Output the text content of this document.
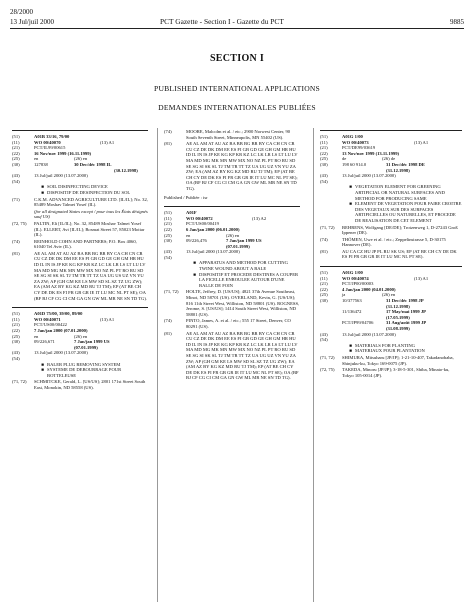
28/2000
13 Jul/juil 2000	PCT Gazette - Section I - Gazette du PCT	9885
SECTION I
PUBLISHED INTERNATIONAL APPLICATIONS
DEMANDES INTERNATIONALES PUBLIÉES
(51)	A01B 33/16, 79/00
(11)	WO 00/40070	(13) A1
(21)	PCT/IL99/00615
(22)	16 Nov/nov 1999 (16.11.1999)
(25)	en	(26) en
(30)	127838	30 Dec/déc 1998 IL
(30.12.1998)
(43)	13 Jul/juil 2000 (13.07.2000)
(54)
■ SOIL DISINFECTING DEVICE
■ DISPOSITIF DE DESINFECTION DU SOL
(71)	C.K.M. ADVANCED AGRICULTURE LTD. [IL/IL]; No. 32, 85489 Moshav Talmei Yosef (IL).
(for all designated States except / pour tous les États désignés sauf US)
(72, 75)	PALTIN, Eli [IL/IL]; No. 32, 85489 Moshav Talmei Yosef (IL). ELLERT, Avi [IL/IL]; Bosmat Street 57, 85023 Moitar (IL).
(74)	REINHOLD COHN AND PARTNERS; P.O. Box 4060, 61040 Tel Aviv (IL).
(81)	AE AL AM AT AU AZ BA BB BG BR BY CA CH CN CR CU CZ DE DK DM EE ES FI GB GD GE GH GM HR HU ID IL IN IS JP KE KG KP KR KZ LC LK LR LS LT LU LV MA MD MG MK MN MW MX NO NZ PL PT RO RU SD SE SG SI SK SL TJ TM TR TT TZ UA UG US UZ VN YU ZA ZW; AP (GH GM KE LS MW SD SL SZ TZ UG ZW); EA (AM AZ BY KG KZ MD RU TJ TM); EP (AT BE CH CY DE DK ES FI FR GB GR IE IT LU MC NL PT SE); OA (BF BJ CF CG CI CM GA GN GW ML MR NE SN TD TG).
(51)	A01D 75/00, 39/00, 89/00
(11)	WO 00/40071	(13) A1
(21)	PCT/US00/00422
(22)	7 Jan/jan 2000 (07.01.2000)
(25)	en	(26) en
(30)	09/226,671	7 Jan/jan 1999 US
(07.01.1999)
(43)	13 Jul/juil 2000 (13.07.2000)
(54)
■ BALER PLUG REMOVING SYSTEM
■ SYSTEME DE DEBOURRAGE POUR BOTTELEUSE
(71, 72)	SCHMITCKE, Gerald, L. [US/US]; 2801 171st Street South East, Monokin, ND 58558 (US).
(74)	MOORE, Malcolm et al. / etc.; 2900 Norwest Center, 90 South Seventh Street, Minneapolis, MN 55402 (US).
(81)	AE AL AM AT AU AZ BA BB BG BR BY CA CH CN CR CU CZ DE DK DM EE ES FI GB GD GE GH GM HR HU ID IL IN IS JP KE KG KP KR KZ LC LK LR LS LT LU LV MA MD MG MK MN MW MX NO NZ PL PT RO RU SD SE SG SI SK SL TJ TM TR TT TZ UA UG UZ VN YU ZA ZW; EA (AM AZ BY KG KZ MD RU TJ TM); EP (AT BE CH CY DE DK ES FI FR GB GR IE IT LU MC NL PT SE); OA (BF BJ CF CG CI CM GA GN GW ML MR NE SN TD TG).
Published / Publiée : isr
(51)	A01F
(11)	WO 00/40072	(13) A2
(21)	PCT/US00/00419
(22)	6 Jan/jan 2000 (06.01.2000)
(25)	en	(26) en
(30)	09/226,476	7 Jan/jan 1999 US
(07.01.1999)
(43)	13 Jul/juil 2000 (13.07.2000)
(54)
■ APPARATUS AND METHOD FOR CUTTING TWINE WOUND ABOUT A BALE
■ DISPOSITIF ET PROCEDE DESTINES A COUPER LA FICELLE ENROULEE AUTOUR D'UNE BALLE DE FOIN
(71, 72)	HOLTE, Jeffrey, D. [US/US]; 4821 37th Avenue Southeast, Minot, ND 58701 (US). OVERLAND, Kevin, G. [US/US]; 816 11th Street West, Williston, ND 58801 (US). ROGNESS, Jerome, S. [US/US]; 1414 South Street West, Williston, ND 58801 (US).
(74)	PINTO, James, A. et al. / etc.; 555 17 Street, Denver, CO 80291 (US).
(81)	AE AL AM AT AU AZ BA BB BG BR BY CA CH CN CR CU CZ DE DK DM EE ES FI GB GD GE GH GM HR HU ID IL IN IS JP KE KG KP KR KZ LC LK LR LS LT LU LV MA MD MG MK MN MW MX NO NZ PL PT RO RU SD SE SG SI SK SL TJ TM TR TT TZ UA UG UZ VN YU ZA ZW; AP (GH GM KE LS MW SD SL SZ TZ UG ZW); EA (AM AZ BY KG KZ MD RU TJ TM); EP (AT BE CH CY DE DK ES FI FR GB GR IE IT LU MC NL PT SE); OA (BF BJ CF CG CI CM GA GN GW ML MR NE SN TD TG).
(51)	A01G 1/00
(11)	WO 00/40073	(13) A1
(21)	PCT/DE99/03619
(22)	13 Nov/nov 1999 (13.11.1999)
(25)	de	(26) de
(30)	198 60 914.0	31 Dec/déc 1998 DE
(31.12.1998)
(43)	13 Jul/juil 2000 (13.07.2000)
(54)
■ VEGETATION ELEMENT FOR GREENING ARTIFICIAL OR NATURAL SURFACES AND METHOD FOR PRODUCING SAME
■ ELEMENT DE VEGETATION POUR FAIRE CROITRE DES VEGETAUX SUR DES SURFACES ARTIFICIELLES OU NATURELLES, ET PROCEDE DE REALISATION DE CET ELEMENT
(71, 72)	BEHRENS, Wolfgang [DE/DE]; Trotzenweg 1, D-27243 Groß Ippener (DE).
(74)	THÖMEN, Uwe et al. / etc.; Zeppelinstrasse 5, D-30175 Hannover (DE).
(81)	AU CA CZ HU JP PL RU SK US; EP (AT BE CH CY DE DK ES FI FR GB GR IE IT LU MC NL PT SE).
(51)	A01G 1/00
(11)	WO 00/40074	(13) A1
(21)	PCT/JP00/00003
(22)	4 Jan/jan 2000 (04.01.2000)
(25)	ja	(26) en
(30)	10/377563	31 Dec/déc 1998 JP
(31.12.1998)
11/136472	17 May/mai 1999 JP
(17.05.1999)
PCT/JP99/04706	31 Aug/août 1999 JP
(31.08.1999)
(43)	13 Jul/juil 2000 (13.07.2000)
(54)
■ MATERIALS FOR PLANTING
■ MATERIAUX POUR PLANTATION
(71, 72)	SHIMURA, Mitsuharu [JP/JP]; 1-21-10-407, Takadanobaba, Shinjuku-ku, Tokyo 169-0075 (JP).
(72, 75)	TAKEDA, Minoru [JP/JP]; 3-18-5-301, Shiba, Minato-ku, Tokyo 105-0014 (JP).
